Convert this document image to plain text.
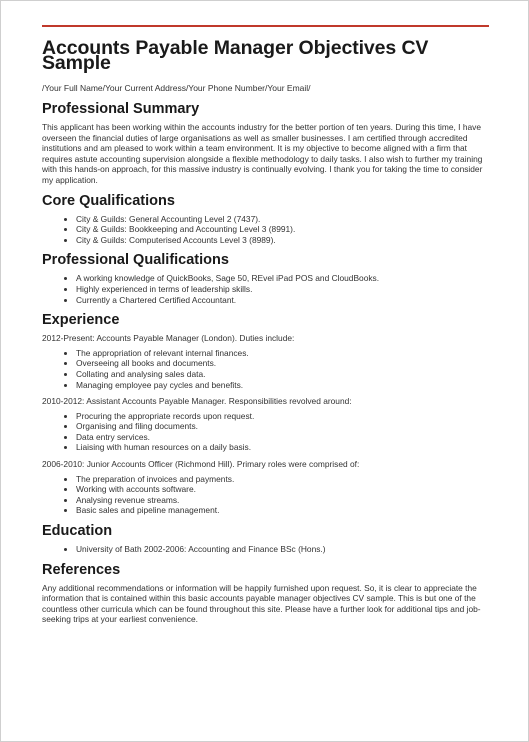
Accounts Payable Manager Objectives CV Sample
/Your Full Name/Your Current Address/Your Phone Number/Your Email/
Professional Summary

This applicant has been working within the accounts industry for the better portion of ten years. During this time, I have overseen the financial duties of large organisations as well as smaller businesses. I am certified through accredited institutions and am pleased to work within a team environment. It is my objective to become aligned with a firm that requires astute accounting supervision alongside a flexible methodology to daily tasks. I also wish to further my training with this hands-on approach, for this massive industry is continually evolving. I thank you for taking the time to consider my application.

Core Qualifications
• City & Guilds: General Accounting Level 2 (7437).
• City & Guilds: Bookkeeping and Accounting Level 3 (8991).
• City & Guilds: Computerised Accounts Level 3 (8989).
Professional Qualifications
• A working knowledge of QuickBooks, Sage 50, REvel iPad POS and CloudBooks.
• Highly experienced in terms of leadership skills.
• Currently a Chartered Certified Accountant.
Experience

2012-Present: Accounts Payable Manager (London). Duties include:

• The appropriation of relevant internal finances.
• Overseeing all books and documents.
• Collating and analysing sales data.
• Managing employee pay cycles and benefits.

2010-2012: Assistant Accounts Payable Manager. Responsibilities revolved around:

• Procuring the appropriate records upon request.
• Organising and filing documents.
• Data entry services.
• Liaising with human resources on a daily basis.

2006-2010: Junior Accounts Officer (Richmond Hill). Primary roles were comprised of:

• The preparation of invoices and payments.
• Working with accounts software.
• Analysing revenue streams.
• Basic sales and pipeline management.
Education
• University of Bath 2002-2006: Accounting and Finance BSc (Hons.)
References

Any additional recommendations or information will be happily furnished upon request. So, it is clear to appreciate the information that is contained within this basic accounts payable manager objectives CV sample. This is but one of the countless other curricula which can be found throughout this site. Please have a further look for additional tips and job-seeking trips at your earliest convenience.
